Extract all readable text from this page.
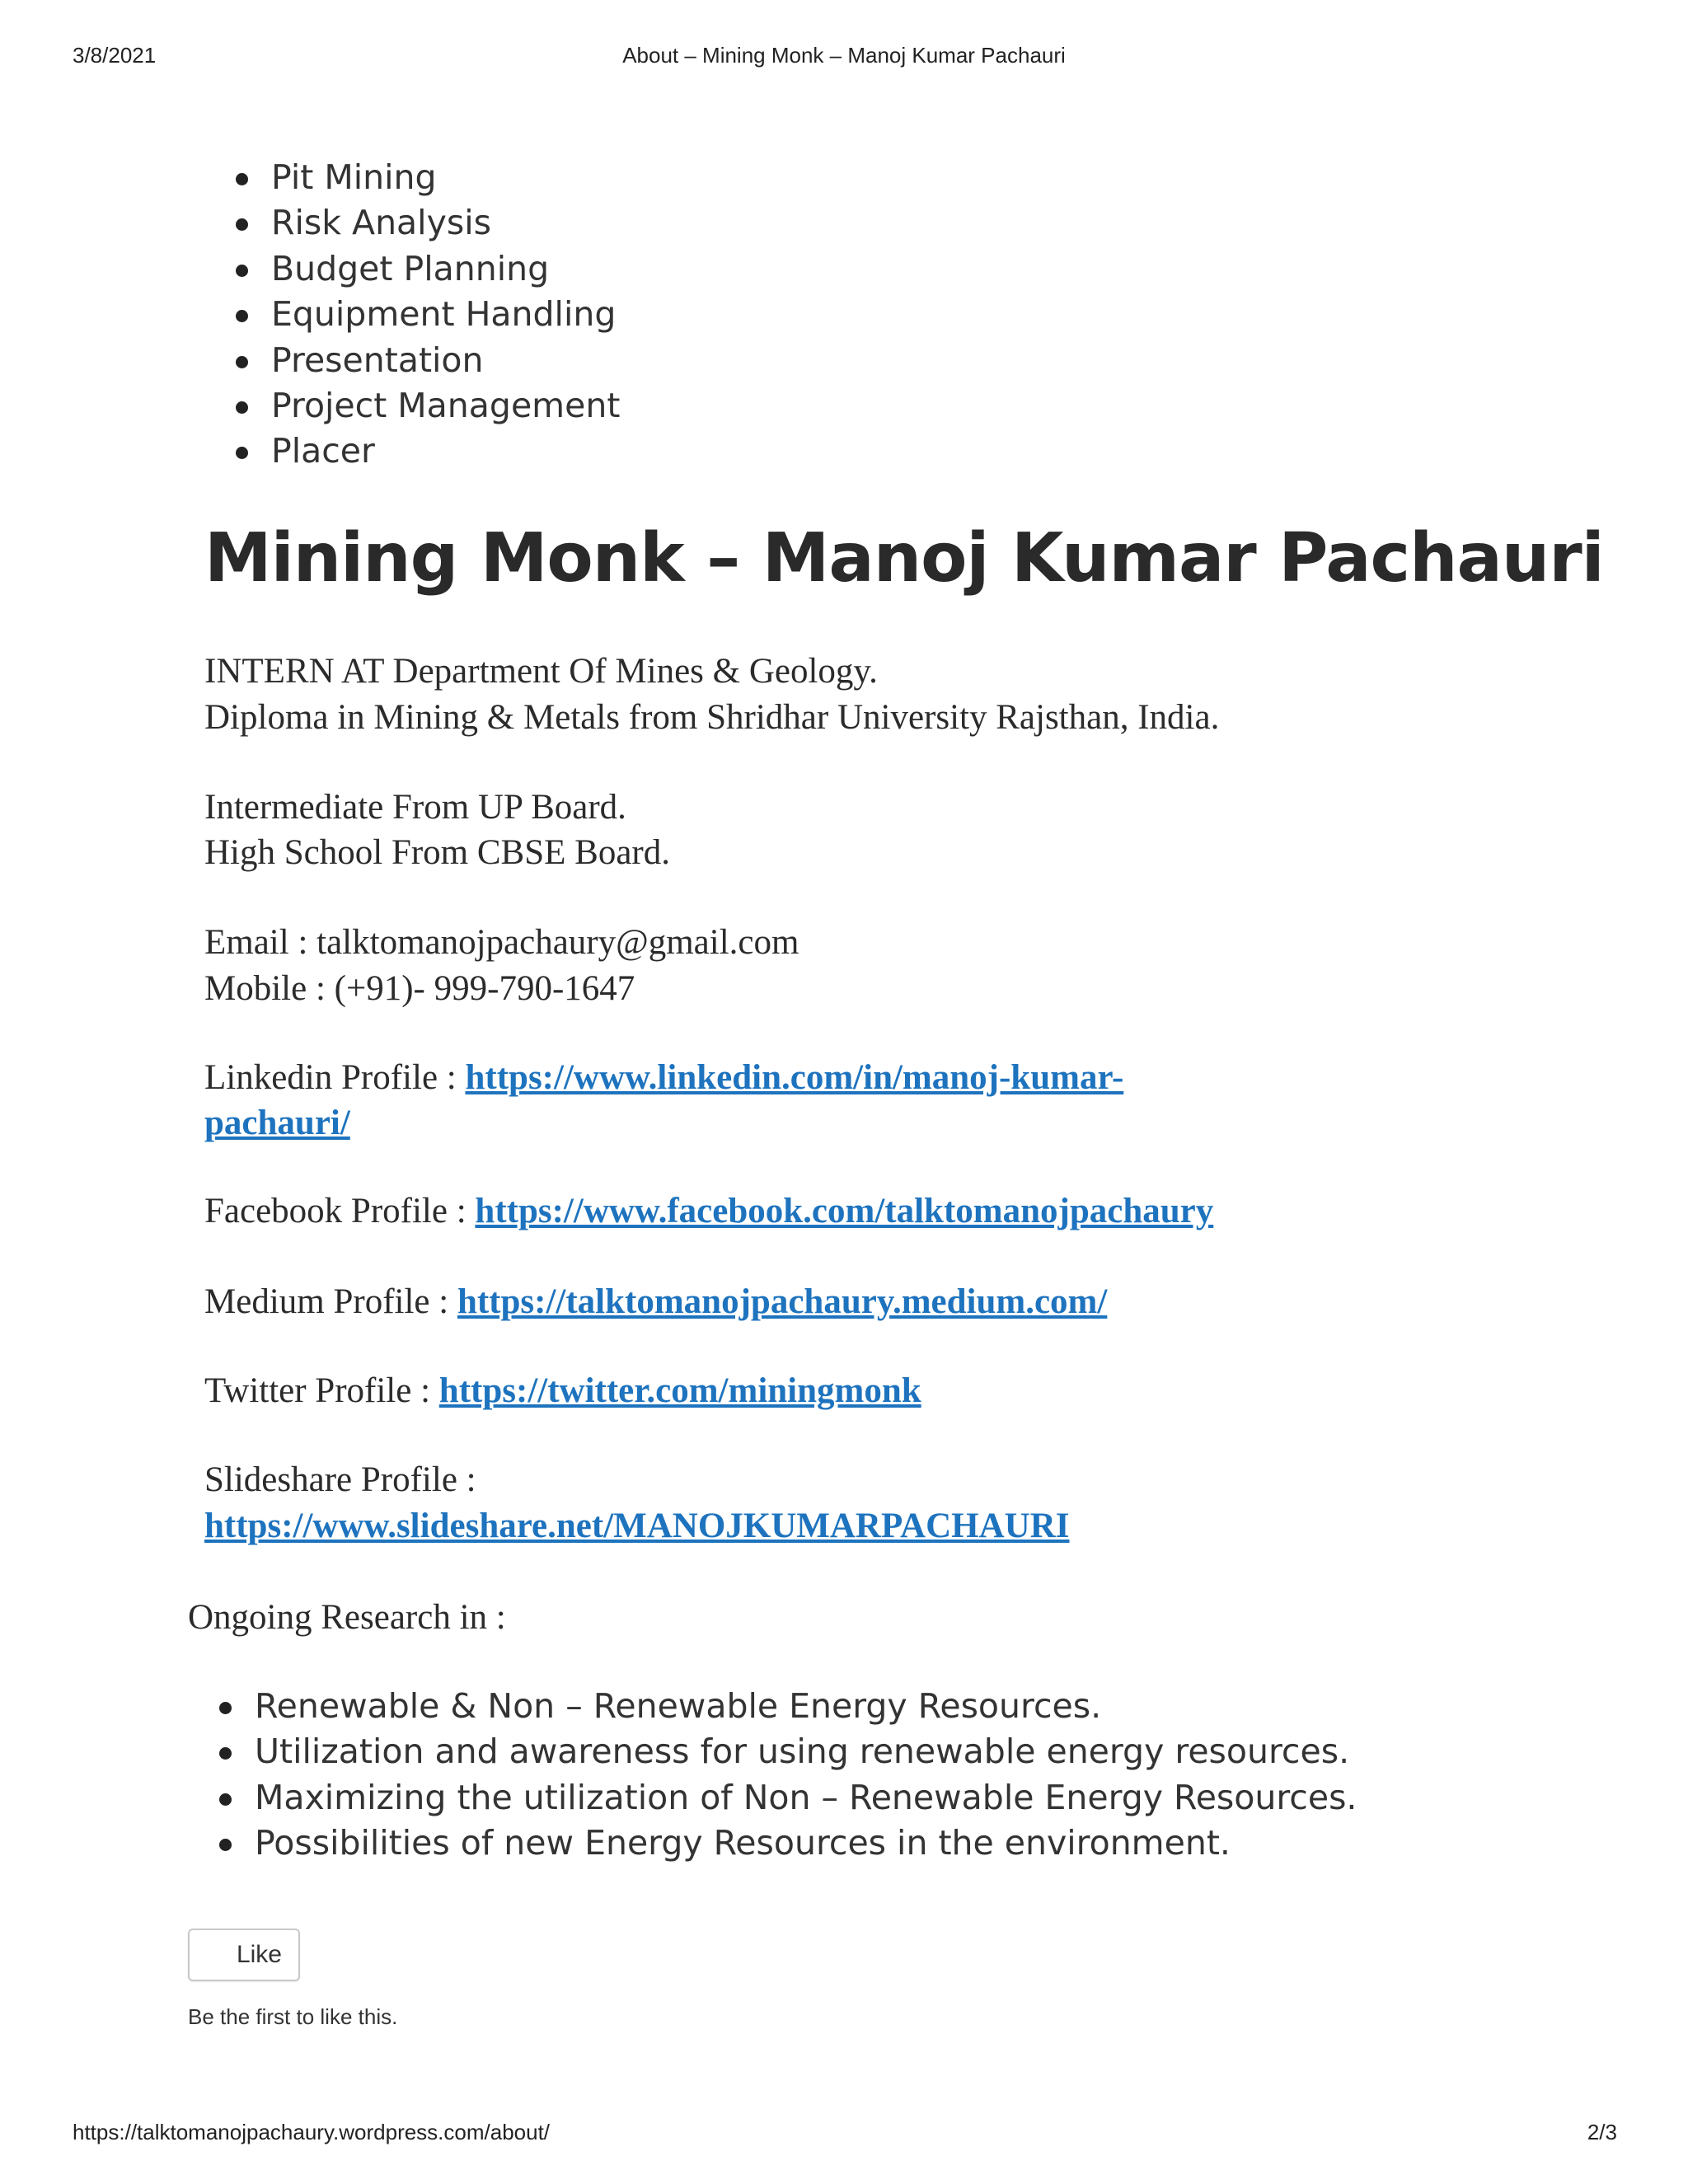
3/8/2021	About – Mining Monk – Manoj Kumar Pachauri
Pit Mining
Risk Analysis
Budget Planning
Equipment Handling
Presentation
Project Management
Placer
Mining Monk – Manoj Kumar Pachauri
INTERN AT Department Of Mines & Geology.
Diploma in Mining & Metals from Shridhar University Rajsthan, India.
Intermediate From UP Board.
High School From CBSE Board.
Email : talktomanojpachaury@gmail.com
Mobile : (+91)- 999-790-1647
Linkedin Profile : https://www.linkedin.com/in/manoj-kumar-
pachauri/
Facebook Profile : https://www.facebook.com/talktomanojpachaury
Medium Profile : https://talktomanojpachaury.medium.com/
Twitter Profile : https://twitter.com/miningmonk
Slideshare Profile :
https://www.slideshare.net/MANOJKUMARPACHAURI
Ongoing Research in :
Renewable & Non – Renewable Energy Resources.
Utilization and awareness for using renewable energy resources.
Maximizing the utilization of Non – Renewable Energy Resources.
Possibilities of new Energy Resources in the environment.
Like
Be the first to like this.
https://talktomanojpachaury.wordpress.com/about/	2/3
